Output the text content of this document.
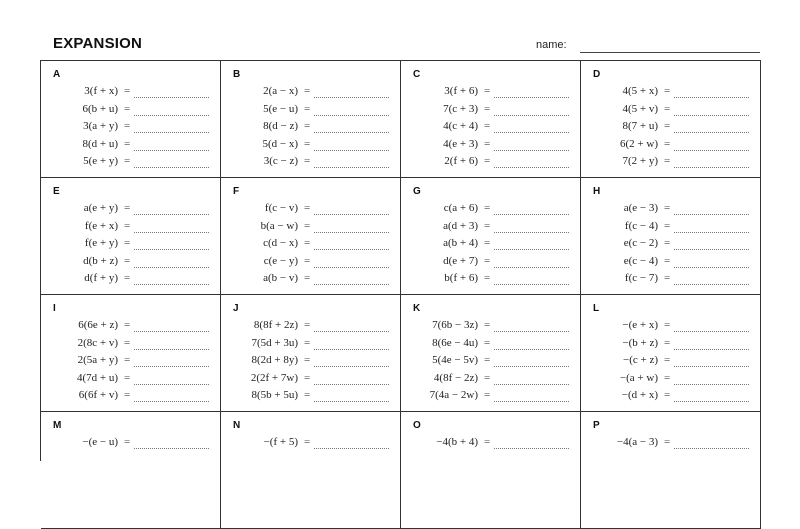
EXPANSION	name:
A
3(f + x) =
6(b + u) =
3(a + y) =
8(d + u) =
5(e + y) =
B
2(a − x) =
5(e − u) =
8(d − z) =
5(d − x) =
3(c − z) =
C
3(f + 6) =
7(c + 3) =
4(c + 4) =
4(e + 3) =
2(f + 6) =
D
4(5 + x) =
4(5 + v) =
8(7 + u) =
6(2 + w) =
7(2 + y) =
E
a(e + y) =
f(e + x) =
f(e + y) =
d(b + z) =
d(f + y) =
F
f(c − v) =
b(a − w) =
c(d − x) =
c(e − y) =
a(b − v) =
G
c(a + 6) =
a(d + 3) =
a(b + 4) =
d(e + 7) =
b(f + 6) =
H
a(e − 3) =
f(c − 4) =
e(c − 2) =
e(c − 4) =
f(c − 7) =
I
6(6e + z) =
2(8c + v) =
2(5a + y) =
4(7d + u) =
6(6f + v) =
J
8(8f + 2z) =
7(5d + 3u) =
8(2d + 8y) =
2(2f + 7w) =
8(5b + 5u) =
K
7(6b − 3z) =
8(6e − 4u) =
5(4e − 5v) =
4(8f − 2z) =
7(4a − 2w) =
L
−(e + x) =
−(b + z) =
−(c + z) =
−(a + w) =
−(d + x) =
M
−(e − u) =
N
−(f + 5) =
O
−4(b + 4) =
P
−4(a − 3) =
